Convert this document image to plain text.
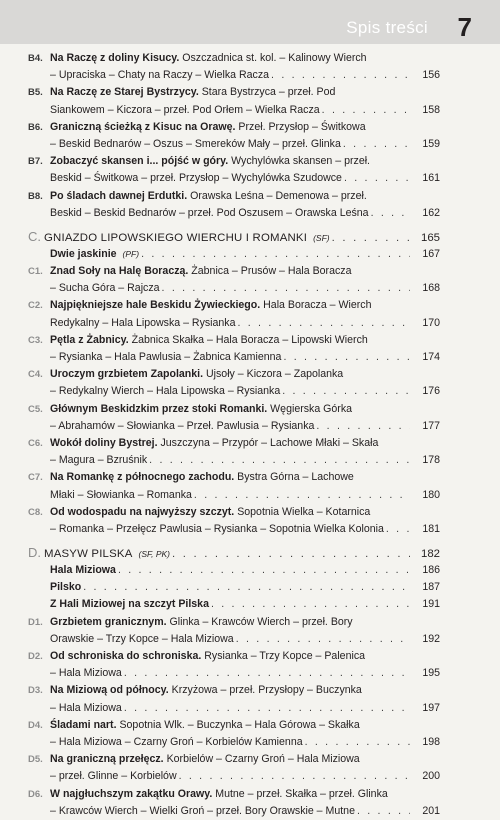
Spis treści 7
B4. Na Raczę z doliny Kisucy. Oszczadnica st. kol. – Kalinowy Wierch
– Upraciska – Chaty na Raczy – Wielka Racza . . .	156
B5. Na Raczę ze Starej Bystrzycy. Stara Bystrzyca – przeł. Pod
Siankowem – Kiczora – przeł. Pod Orłem – Wielka Racza . . .	158
B6. Graniczną ścieżką z Kisuc na Orawę. Przeł. Przysłop – Świtkowa
– Beskid Bednarów – Oszus – Smereków Mały – przeł. Glinka . . .	159
B7. Zobaczyć skansen i... pójść w góry. Wychylówka skansen – przeł.
Beskid – Świtkowa – przeł. Przysłop – Wychylówka Szudowce . . .	161
B8. Po śladach dawnej Erdutki. Orawska Leśna – Demenowa – przeł.
Beskid – Beskid Bednarów – przeł. Pod Oszusem – Orawska Leśna . . .	162
C. GNIAZDO LIPOWSKIEGO WIERCHU I ROMANKI (SF) . . .	165
Dwie jaskinie (PF) . . .	167
C1. Znad Soły na Halę Boraczą. Żabnica – Prusów – Hala Boracza
– Sucha Góra – Rajcza . . .	168
C2. Najpiękniejsze hale Beskidu Żywieckiego. Hala Boracza – Wierch
Redykalny – Hala Lipowska – Rysianka . . .	170
C3. Pętla z Żabnicy. Żabnica Skałka – Hala Boracza – Lipowski Wierch
– Rysianka – Hala Pawlusia – Żabnica Kamienna . . .	174
C4. Uroczym grzbietem Zapolanki. Ujsoły – Kiczora – Zapolanka
– Redykalny Wierch – Hala Lipowska – Rysianka . . .	176
C5. Głównym Beskidzkim przez stoki Romanki. Węgierska Górka
– Abrahamów – Słowianka – Przeł. Pawlusia – Rysianka . . .	177
C6. Wokół doliny Bystrej. Juszczyna – Przypór – Lachowe Młaki – Skała
– Magura – Bzruśnik . . .	178
C7. Na Romankę z północnego zachodu. Bystra Górna – Lachowe
Młaki – Słowianka – Romanka . . .	180
C8. Od wodospadu na najwyższy szczyt. Sopotnia Wielka – Kotarnica
– Romanka – Przełęcz Pawlusia – Rysianka – Sopotnia Wielka Kolonia . . .	181
D. MASYW PILSKA (SF, PK) . . .	182
Hala Miziowa . . .	186
Pilsko . . .	187
Z Hali Miziowej na szczyt Pilska . . .	191
D1. Grzbietem granicznym. Glinka – Krawców Wierch – przeł. Bory
Orawskie – Trzy Kopce – Hala Miziowa . . .	192
D2. Od schroniska do schroniska. Rysianka – Trzy Kopce – Palenica
– Hala Miziowa . . .	195
D3. Na Miziową od północy. Krzyżowa – przeł. Przysłopy – Buczynka
– Hala Miziowa . . .	197
D4. Śladami nart. Sopotnia Wlk. – Buczynka – Hala Górowa – Skałka
– Hala Miziowa – Czarny Groń – Korbielów Kamienna . . .	198
D5. Na graniczną przełęcz. Korbielów – Czarny Groń – Hala Miziowa
– przeł. Glinne – Korbielów . . .	200
D6. W najgłuchszym zakątku Orawy. Mutne – przeł. Skałka – przeł. Glinka
– Krawców Wierch – Wielki Groń – przeł. Bory Orawskie – Mutne . . .	201
